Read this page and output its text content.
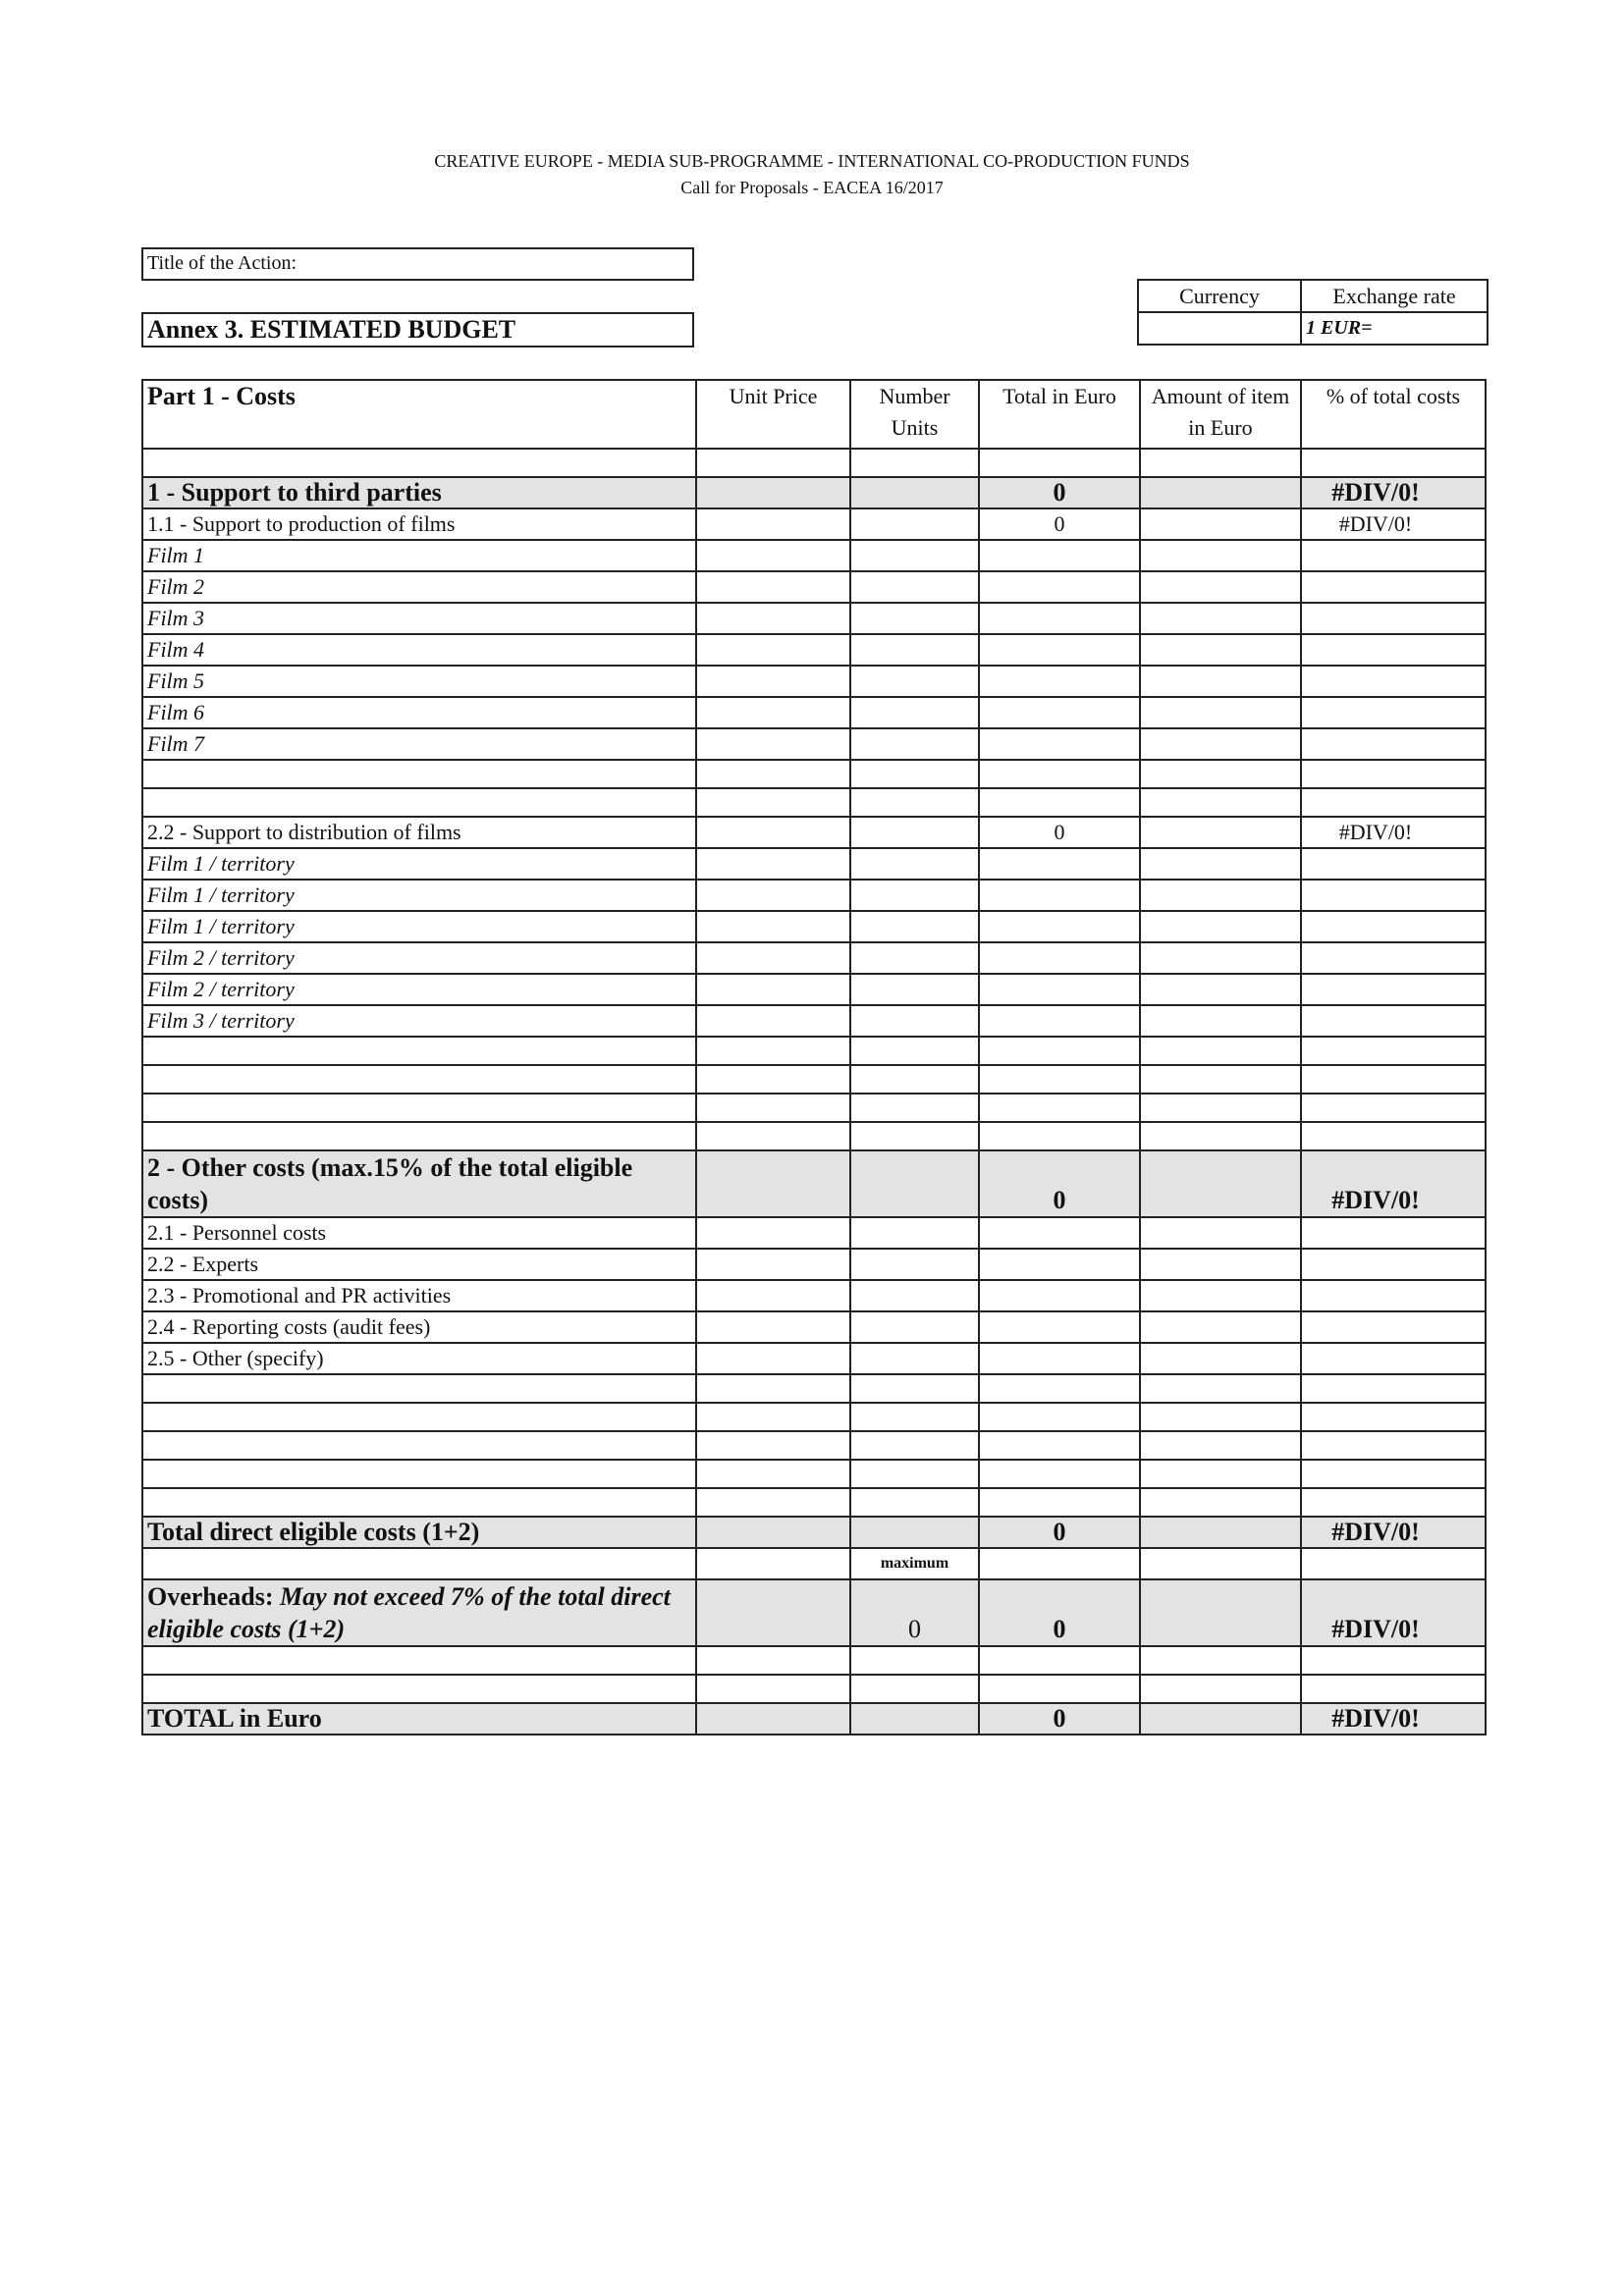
CREATIVE EUROPE - MEDIA SUB-PROGRAMME - INTERNATIONAL CO-PRODUCTION FUNDS
Call for Proposals - EACEA 16/2017
Title of the Action:
Annex 3. ESTIMATED BUDGET
Currency	Exchange rate
	1 EUR=
Part 1 - Costs	Unit Price	Number Units	Total in Euro	Amount of item in Euro	% of total costs

1 - Support to third parties			0		#DIV/0!
1.1 - Support to production of films			0		#DIV/0!
Film 1					
Film 2					
Film 3					
Film 4					
Film 5					
Film 6					
Film 7					

2.2 - Support to distribution of films			0		#DIV/0!
Film 1 / territory					
Film 1 / territory					
Film 1 / territory					
Film 2 / territory					
Film 2 / territory					
Film 3 / territory					

2 - Other costs (max.15% of the total eligible costs)			0		#DIV/0!
2.1 - Personnel costs					
2.2 - Experts					
2.3 - Promotional and PR activities					
2.4 - Reporting costs (audit fees)					
2.5 - Other (specify)					

Total direct eligible costs (1+2)			0		#DIV/0!
		maximum			
Overheads: May not exceed 7% of the total direct eligible costs (1+2)		0	0		#DIV/0!

TOTAL in Euro			0		#DIV/0!
